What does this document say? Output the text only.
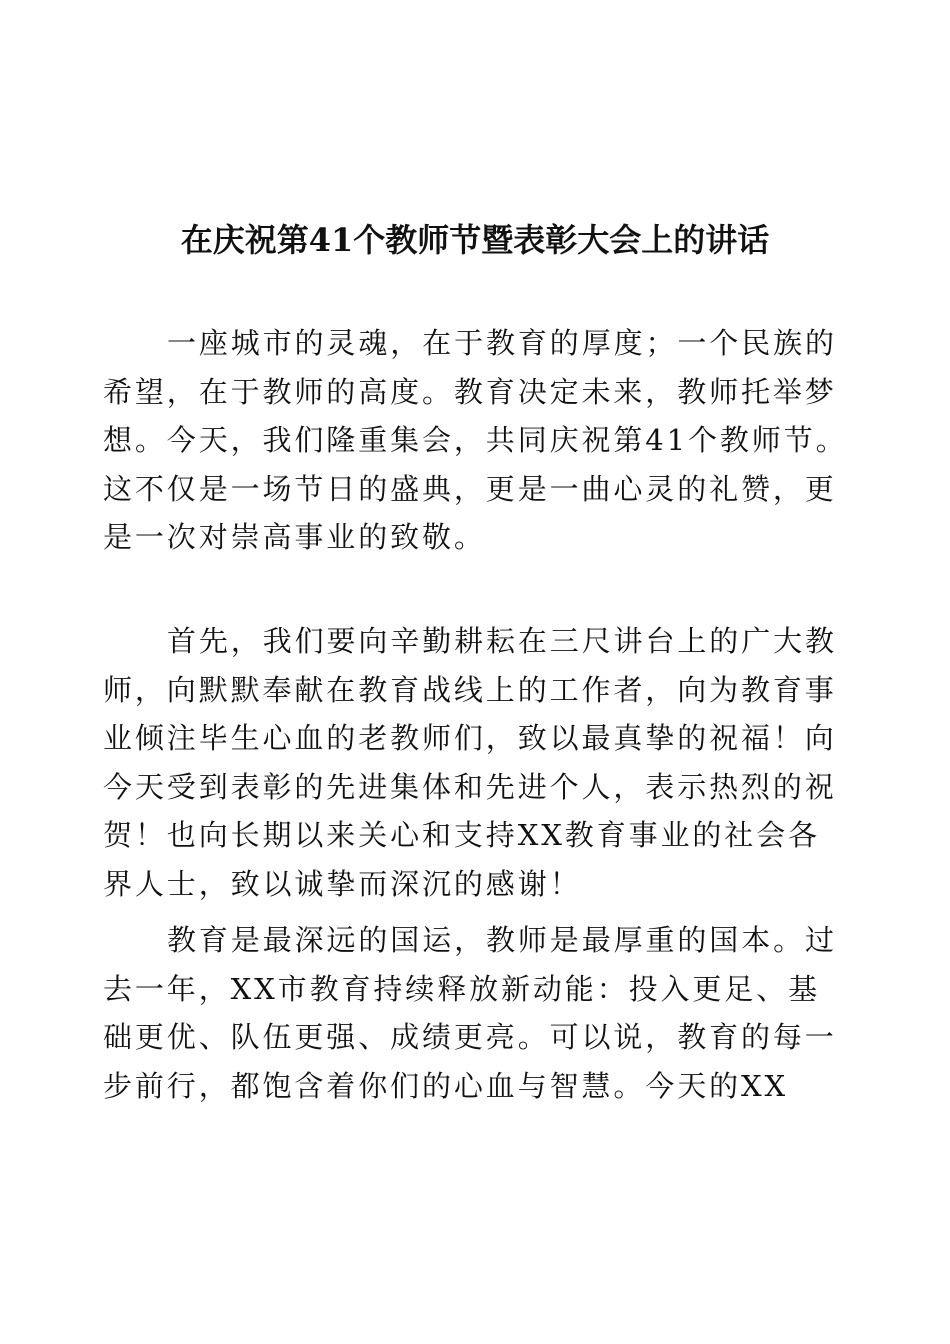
在庆祝第41个教师节暨表彰大会上的讲话
一座城市的灵魂，在于教育的厚度；一个民族的
希望，在于教师的高度。教育决定未来，教师托举梦
想。今天，我们隆重集会，共同庆祝第41个教师节。
这不仅是一场节日的盛典，更是一曲心灵的礼赞，更
是一次对崇高事业的致敬。
首先，我们要向辛勤耕耘在三尺讲台上的广大教
师，向默默奉献在教育战线上的工作者，向为教育事
业倾注毕生心血的老教师们，致以最真挚的祝福！向
今天受到表彰的先进集体和先进个人，表示热烈的祝
贺！也向长期以来关心和支持XX教育事业的社会各
界人士，致以诚挚而深沉的感谢！
教育是最深远的国运，教师是最厚重的国本。过
去一年，XX市教育持续释放新动能：投入更足、基
础更优、队伍更强、成绩更亮。可以说，教育的每一
步前行，都饱含着你们的心血与智慧。今天的XX
